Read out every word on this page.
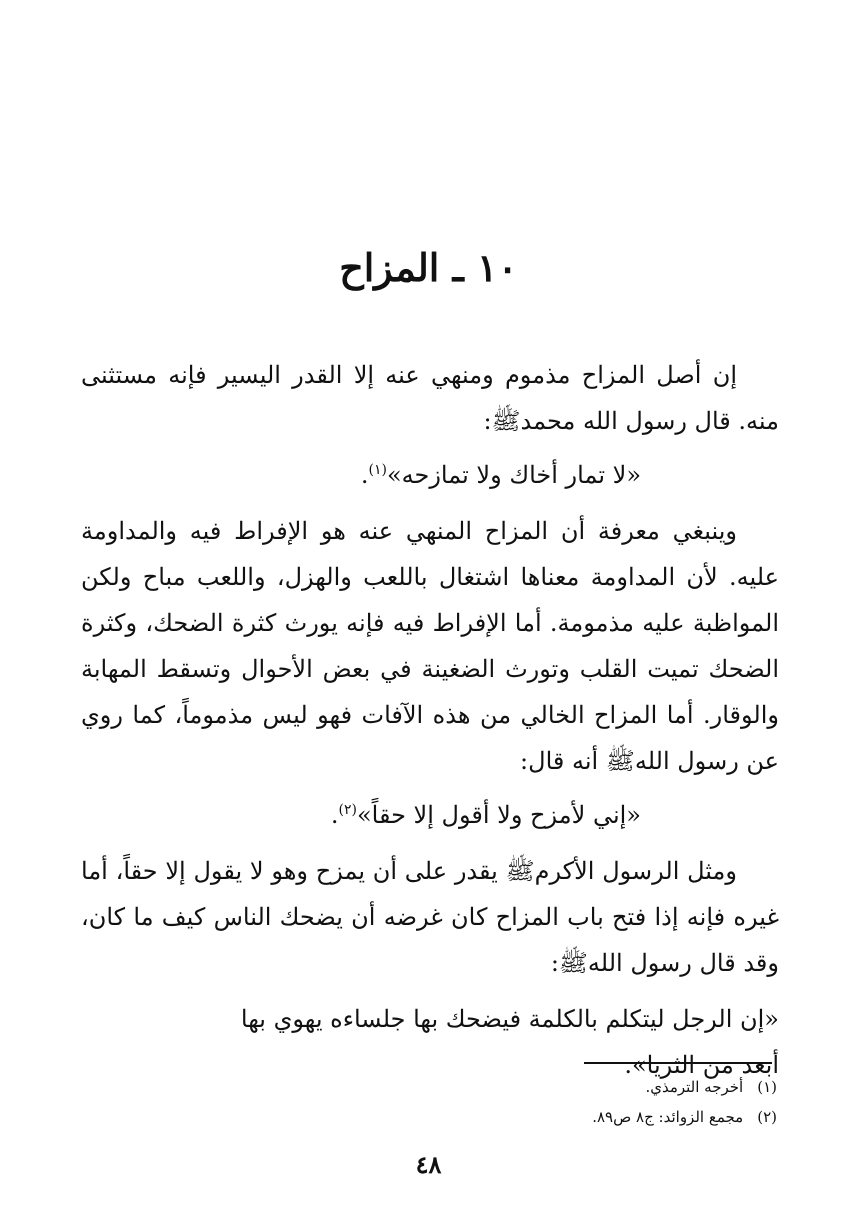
١٠ ـ المزاح

إن أصل المزاح مذموم ومنهي عنه إلا القدر اليسير فإنه مستثنى منه. قال رسول الله محمدﷺ:

«لا تمار أخاك ولا تمازحه»$^{(١)}$.

وينبغي معرفة أن المزاح المنهي عنه هو الإفراط فيه والمداومة عليه. لأن المداومة معناها اشتغال باللعب والهزل، واللعب مباح ولكن المواظبة عليه مذمومة. أما الإفراط فيه فإنه يورث كثرة الضحك، وكثرة الضحك تميت القلب وتورث الضغينة في بعض الأحوال وتسقط المهابة والوقار. أما المزاح الخالي من هذه الآفات فهو ليس مذموماً، كما روي عن رسول اللهﷺ أنه قال:

«إني لأمزح ولا أقول إلا حقاً»$^{(٢)}$.

ومثل الرسول الأكرمﷺ يقدر على أن يمزح وهو لا يقول إلا حقاً، أما غيره فإنه إذا فتح باب المزاح كان غرضه أن يضحك الناس كيف ما كان، وقد قال رسول اللهﷺ:

«إن الرجل ليتكلم بالكلمة فيضحك بها جلساءه يهوي بها
أبعد من الثريا».
(١)
أخرجه الترمذي.
(٢)
مجمع الزوائد: ج٨ ص٨٩.
٤٨
